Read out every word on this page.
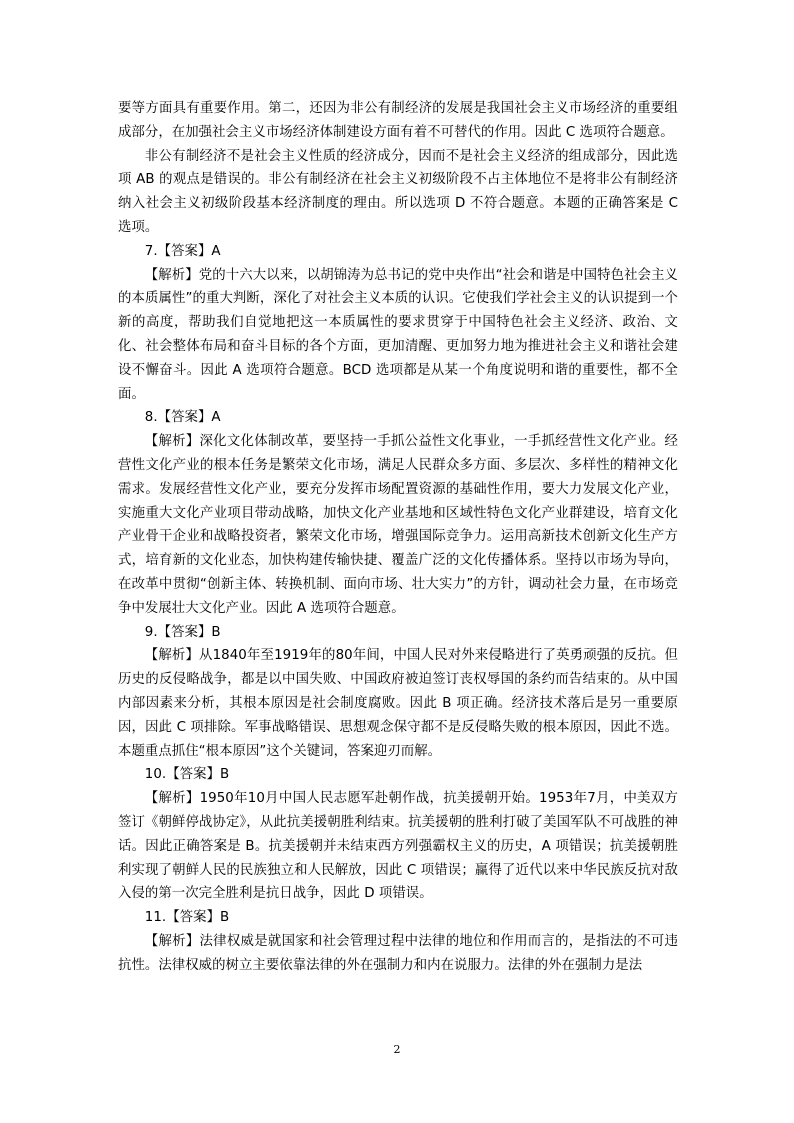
要等方面具有重要作用。第二，还因为非公有制经济的发展是我国社会主义市场经济的重要组成部分，在加强社会主义市场经济体制建设方面有着不可替代的作用。因此 C 选项符合题意。

非公有制经济不是社会主义性质的经济成分，因而不是社会主义经济的组成部分，因此选项 AB 的观点是错误的。非公有制经济在社会主义初级阶段不占主体地位不是将非公有制经济纳入社会主义初级阶段基本经济制度的理由。所以选项 D 不符合题意。本题的正确答案是 C 选项。

7.【答案】A

【解析】党的十六大以来，以胡锦涛为总书记的党中央作出“社会和谐是中国特色社会主义的本质属性”的重大判断，深化了对社会主义本质的认识。它使我们学社会主义的认识提到一个新的高度，帮助我们自觉地把这一本质属性的要求贯穿于中国特色社会主义经济、政治、文化、社会整体布局和奋斗目标的各个方面，更加清醒、更加努力地为推进社会主义和谐社会建设不懈奋斗。因此 A 选项符合题意。BCD 选项都是从某一个角度说明和谐的重要性，都不全面。

8.【答案】A

【解析】深化文化体制改革，要坚持一手抓公益性文化事业，一手抓经营性文化产业。经营性文化产业的根本任务是繁荣文化市场，满足人民群众多方面、多层次、多样性的精神文化需求。发展经营性文化产业，要充分发挥市场配置资源的基础性作用，要大力发展文化产业，实施重大文化产业项目带动战略，加快文化产业基地和区域性特色文化产业群建设，培育文化产业骨干企业和战略投资者，繁荣文化市场，增强国际竞争力。运用高新技术创新文化生产方式，培育新的文化业态，加快构建传输快捷、覆盖广泛的文化传播体系。坚持以市场为导向，在改革中贯彻“创新主体、转换机制、面向市场、壮大实力”的方针，调动社会力量，在市场竞争中发展壮大文化产业。因此 A 选项符合题意。

9.【答案】B

【解析】从1840年至1919年的80年间，中国人民对外来侵略进行了英勇顽强的反抗。但历史的反侵略战争，都是以中国失败、中国政府被迫签订丧权辱国的条约而告结束的。从中国内部因素来分析，其根本原因是社会制度腐败。因此 B 项正确。经济技术落后是另一重要原因，因此 C 项排除。军事战略错误、思想观念保守都不是反侵略失败的根本原因，因此不选。本题重点抓住“根本原因”这个关键词，答案迎刃而解。

10.【答案】B

【解析】1950年10月中国人民志愿军赴朝作战，抗美援朝开始。1953年7月，中美双方签订《朝鲜停战协定》，从此抗美援朝胜利结束。抗美援朝的胜利打破了美国军队不可战胜的神话。因此正确答案是 B。抗美援朝并未结束西方列强霸权主义的历史，A 项错误；抗美援朝胜利实现了朝鲜人民的民族独立和人民解放，因此 C 项错误；赢得了近代以来中华民族反抗对敌入侵的第一次完全胜利是抗日战争，因此 D 项错误。

11.【答案】B

【解析】法律权威是就国家和社会管理过程中法律的地位和作用而言的，是指法的不可违抗性。法律权威的树立主要依靠法律的外在强制力和内在说服力。法律的外在强制力是法

2
